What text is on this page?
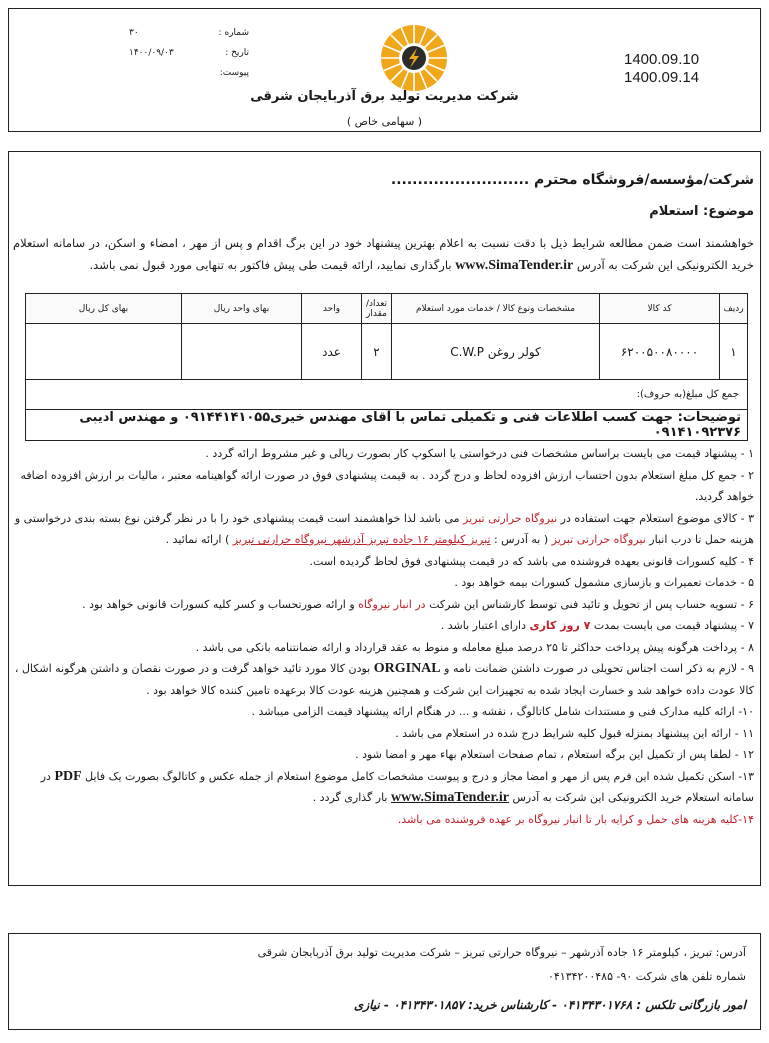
شماره :
۳۰
تاریخ :
۱۴۰۰/۰۹/۰۳
پیوست:
شرکت مدیریت تولید برق آذربایجان شرقی
( سهامی خاص )
1400.09.10
1400.09.14
شرکت/مؤسسه/فروشگاه محترم ..........................
موضوع: استعلام
خواهشمند است ضمن مطالعه شرایط ذیل با دقت نسبت به اعلام بهترین پیشنهاد خود در این برگ اقدام و پس از مهر ، امضاء و اسکن، در سامانه استعلام خرید الکترونیکی این شرکت به آدرس www.SimaTender.ir بارگذاری نمایید، ارائه قیمت طی پیش فاکتور به تنهایی مورد قبول نمی باشد.
ردیف	کد کالا	مشخصات ونوع کالا / خدمات مورد استعلام	تعداد/ مقدار	واحد	بهای واحد ریال	بهای کل ریال
۱	۶۲۰۰۵۰۰۸۰۰۰۰	کولر روغن C.W.P	۲	عدد		
جمع کل مبلغ(به حروف):						
توضیحات: جهت کسب اطلاعات فنی و تکمیلی تماس با آقای مهندس خیری۰۹۱۴۴۱۴۱۰۵۵ و مهندس ادیبی ۰۹۱۴۱۰۹۲۳۷۶						

۱ - پیشنهاد قیمت می بایست براساس مشخصات فنی درخواستی یا اسکوپ کار بصورت ریالی و غیر مشروط ارائه گردد .

۲ - جمع کل مبلغ استعلام بدون احتساب ارزش افزوده لحاظ و درج گردد . به قیمت پیشنهادی فوق در صورت ارائه گواهینامه معتبر ، مالیات بر ارزش افزوده اضافه خواهد گردید.

۳ - کالای موضوع استعلام جهت استفاده در نیروگاه حرارتی تبریز می باشد لذا خواهشمند است قیمت پیشنهادی خود را با در نظر گرفتن نوع بسته بندی درخواستی و هزینه حمل تا درب انبار نیروگاه حرارتی تبریز ( به آدرس : تبریز کیلومتر ۱۶ جاده تبریز آذرشهر نیروگاه حرارتی تبریز ) ارائه نمائید .

۴ - کلیه کسورات قانونی بعهده فروشنده می باشد که در قیمت پیشنهادی فوق لحاظ گردیده است.

۵ - خدمات تعمیرات و بازسازی مشمول کسورات بیمه خواهد بود .

۶ - تسویه حساب پس از تحویل و تائید فنی توسط کارشناس این شرکت در انبار نیروگاه و ارائه صورتحساب و کسر کلیه کسورات قانونی خواهد بود .

۷ - پیشنهاد قیمت می بایست بمدت ۷ روز کاری دارای اعتبار باشد .

۸ - پرداخت هرگونه پیش پرداخت حداکثر تا ۲۵ درصد مبلغ معامله و منوط به عقد قرارداد و ارائه ضمانتنامه بانکی می باشد .

۹ - لازم به ذکر است اجناس تحویلی در صورت داشتن ضمانت نامه و ORGINAL بودن کالا مورد تائید خواهد گرفت و در صورت نقصان و داشتن هرگونه اشکال ، کالا عودت داده خواهد شد و خسارت ایجاد شده به تجهیزات این شرکت و همچنین هزینه عودت کالا برعهده تامین کننده کالا خواهد بود .

۱۰- ارائه کلیه مدارک فنی و مستندات شامل کاتالوگ ، نقشه و ... در هنگام ارائه پیشنهاد قیمت الزامی میباشد .

۱۱ - ارائه این پیشنهاد بمنزله قبول کلیه شرایط درج شده در استعلام می باشد .

۱۲ - لطفا پس از تکمیل این برگه استعلام ، تمام صفحات استعلام بهاء مهر و امضا شود .

۱۳- اسکن تکمیل شده این فرم پس از مهر و امضا مجاز و درج و پیوست مشخصات کامل موضوع استعلام از جمله عکس و کاتالوگ بصورت یک فایل PDF در سامانه استعلام خرید الکترونیکی این شرکت به آدرس www.SimaTender.ir بار گذاری گردد .

۱۴-کلیه هزینه های حمل و کرایه بار تا انبار نیروگاه بر عهده فروشنده می باشد.

آدرس: تبریز ، کیلومتر ۱۶ جاده آذرشهر – نیروگاه حرارتی تبریز – شرکت مدیریت تولید برق آذربایجان شرقی
شماره تلفن های شرکت ۹۰- ۰۴۱۳۴۲۰۰۴۸۵
امور بازرگانی تلکس : ۰۴۱۳۴۳۰۱۷۶۸ - کارشناس خرید: ۰۴۱۳۴۳۰۱۸۵۷ - نیازی
